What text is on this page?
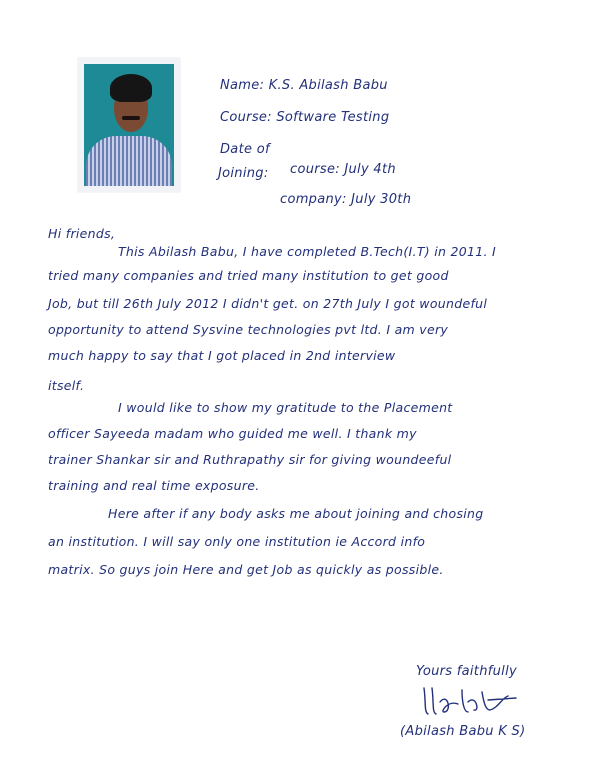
Name: K.S. Abilash Babu
Course: Software Testing
Date of
Joining: course: July 4th
company: July 30th
Hi friends,
This Abilash Babu, I have completed B.Tech(I.T) in 2011. I
tried many companies and tried many institution to get good
Job, but till 26th July 2012 I didn't get. on 27th July I got woundeful
opportunity to attend Sysvine technologies pvt ltd. I am very
much happy to say that I got placed in 2nd interview
itself.
I would like to show my gratitude to the Placement
officer Sayeeda madam who guided me well. I thank my
trainer Shankar sir and Ruthrapathy sir for giving woundeeful
training and real time exposure.
Here after if any body asks me about joining and chosing
an institution. I will say only one institution ie Accord info
matrix. So guys join Here and get Job as quickly as possible.
Yours faithfully
(Abilash Babu K S)
